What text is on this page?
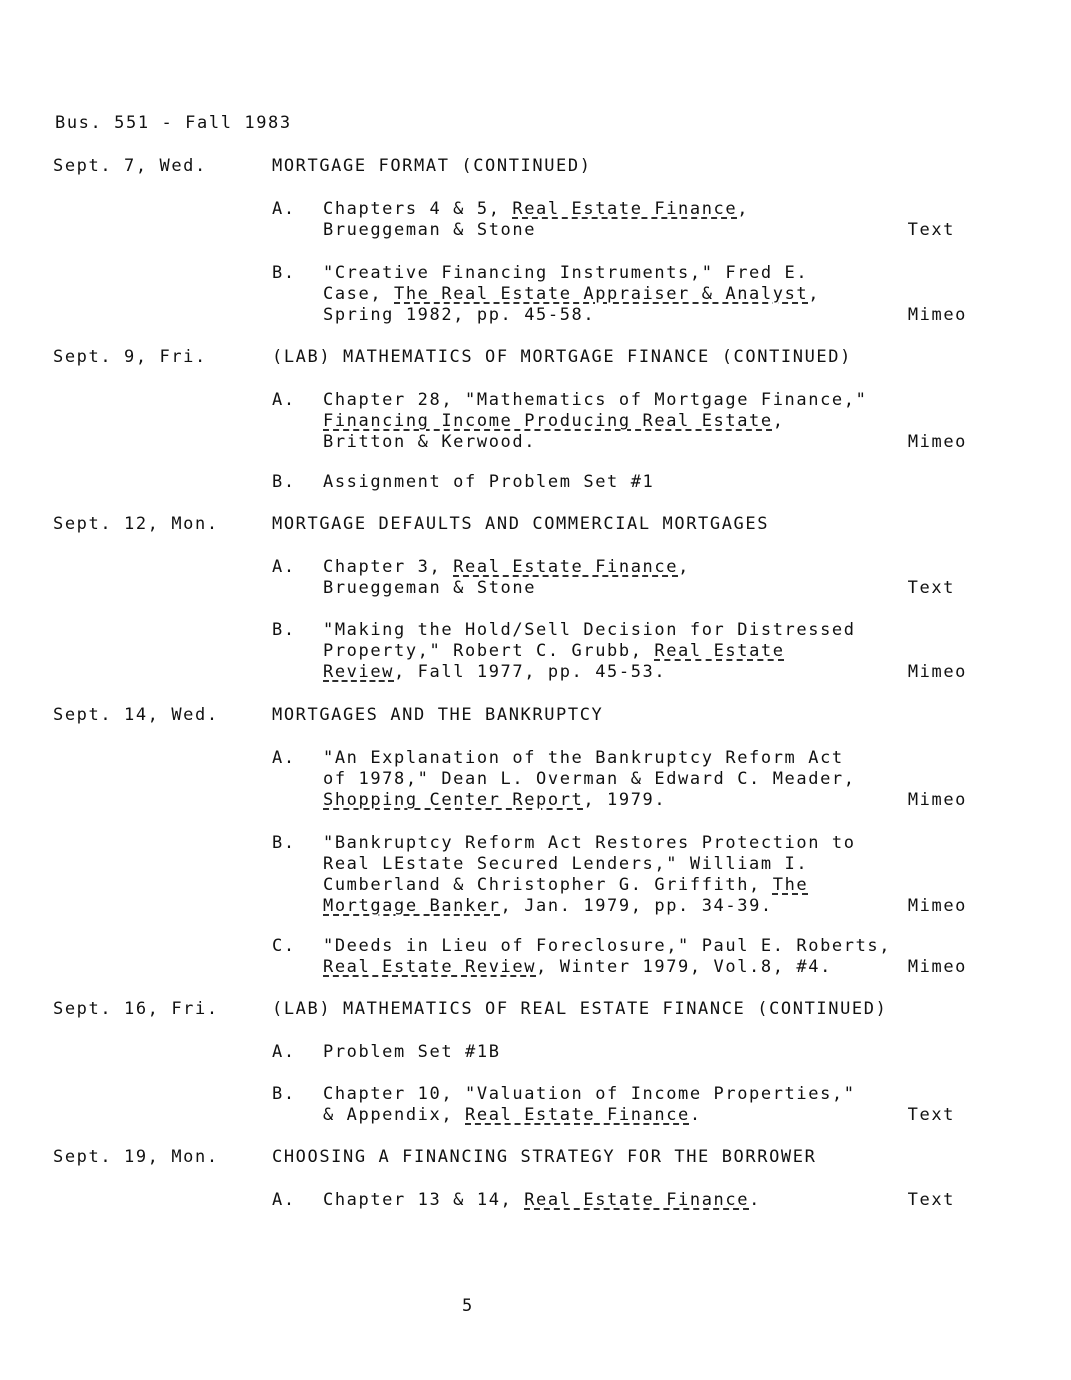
Bus. 551 - Fall 1983
Sept. 7, Wed.	MORTGAGE FORMAT (CONTINUED)
A. Chapters 4 & 5, Real Estate Finance,
Brueggeman & Stone	Text
B. "Creative Financing Instruments," Fred E.
Case, The Real Estate Appraiser & Analyst,
Spring 1982, pp. 45-58.	Mimeo
Sept. 9, Fri.	(LAB) MATHEMATICS OF MORTGAGE FINANCE (CONTINUED)
A. Chapter 28, "Mathematics of Mortgage Finance,"
Financing Income Producing Real Estate,
Britton & Kerwood.	Mimeo
B. Assignment of Problem Set #1
Sept. 12, Mon.	MORTGAGE DEFAULTS AND COMMERCIAL MORTGAGES
A. Chapter 3, Real Estate Finance,
Brueggeman & Stone	Text
B. "Making the Hold/Sell Decision for Distressed
Property," Robert C. Grubb, Real Estate
Review, Fall 1977, pp. 45-53.	Mimeo
Sept. 14, Wed.	MORTGAGES AND THE BANKRUPTCY
A. "An Explanation of the Bankruptcy Reform Act
of 1978," Dean L. Overman & Edward C. Meader,
Shopping Center Report, 1979.	Mimeo
B. "Bankruptcy Reform Act Restores Protection to
Real LEstate Secured Lenders," William I.
Cumberland & Christopher G. Griffith, The
Mortgage Banker, Jan. 1979, pp. 34-39.	Mimeo
C. "Deeds in Lieu of Foreclosure," Paul E. Roberts,
Real Estate Review, Winter 1979, Vol.8, #4.	Mimeo
Sept. 16, Fri.	(LAB) MATHEMATICS OF REAL ESTATE FINANCE (CONTINUED)
A. Problem Set #1B
B. Chapter 10, "Valuation of Income Properties,"
& Appendix, Real Estate Finance.	Text
Sept. 19, Mon.	CHOOSING A FINANCING STRATEGY FOR THE BORROWER
A. Chapter 13 & 14, Real Estate Finance.	Text
5
